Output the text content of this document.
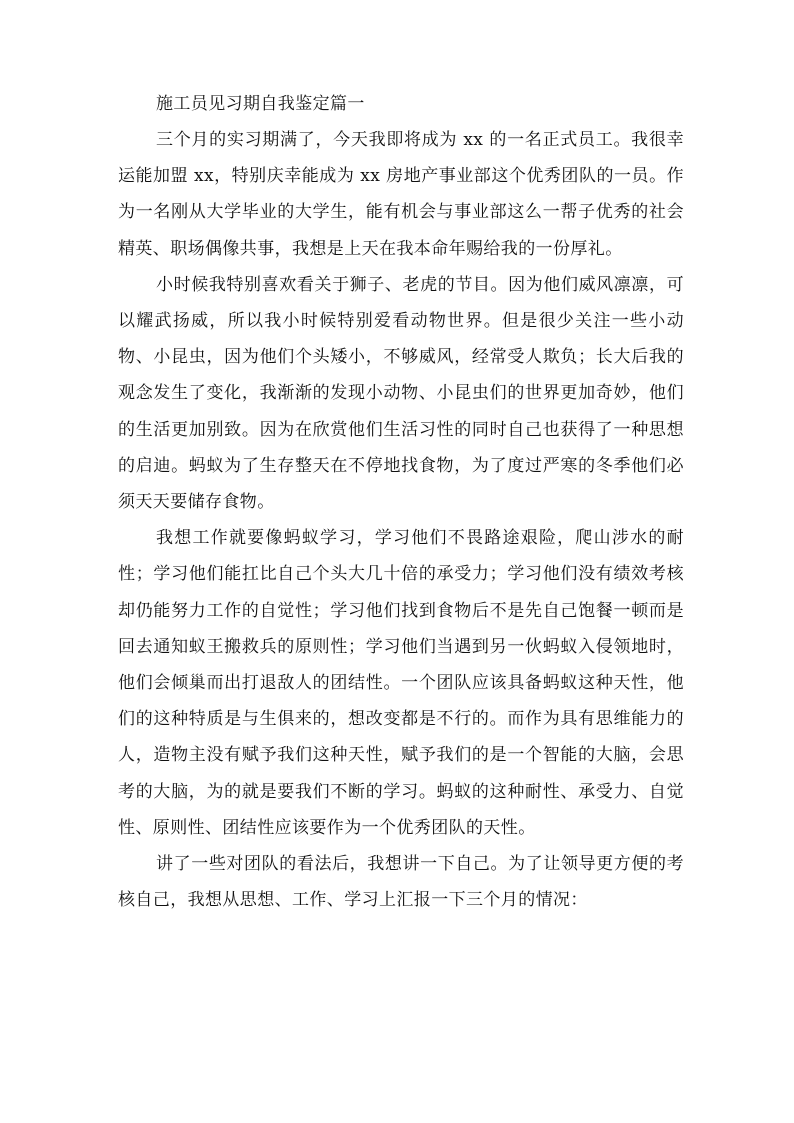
施工员见习期自我鉴定篇一

三个月的实习期满了，今天我即将成为 xx 的一名正式员工。我很幸运能加盟 xx，特别庆幸能成为 xx 房地产事业部这个优秀团队的一员。作为一名刚从大学毕业的大学生，能有机会与事业部这么一帮子优秀的社会精英、职场偶像共事，我想是上天在我本命年赐给我的一份厚礼。

小时候我特别喜欢看关于狮子、老虎的节目。因为他们威风凛凛，可以耀武扬威，所以我小时候特别爱看动物世界。但是很少关注一些小动物、小昆虫，因为他们个头矮小，不够威风，经常受人欺负；长大后我的观念发生了变化，我渐渐的发现小动物、小昆虫们的世界更加奇妙，他们的生活更加别致。因为在欣赏他们生活习性的同时自己也获得了一种思想的启迪。蚂蚁为了生存整天在不停地找食物，为了度过严寒的冬季他们必须天天要储存食物。

我想工作就要像蚂蚁学习，学习他们不畏路途艰险，爬山涉水的耐性；学习他们能扛比自己个头大几十倍的承受力；学习他们没有绩效考核却仍能努力工作的自觉性；学习他们找到食物后不是先自己饱餐一顿而是回去通知蚁王搬救兵的原则性；学习他们当遇到另一伙蚂蚁入侵领地时，他们会倾巢而出打退敌人的团结性。一个团队应该具备蚂蚁这种天性，他们的这种特质是与生俱来的，想改变都是不行的。而作为具有思维能力的人，造物主没有赋予我们这种天性，赋予我们的是一个智能的大脑，会思考的大脑，为的就是要我们不断的学习。蚂蚁的这种耐性、承受力、自觉性、原则性、团结性应该要作为一个优秀团队的天性。

讲了一些对团队的看法后，我想讲一下自己。为了让领导更方便的考核自己，我想从思想、工作、学习上汇报一下三个月的情况：
